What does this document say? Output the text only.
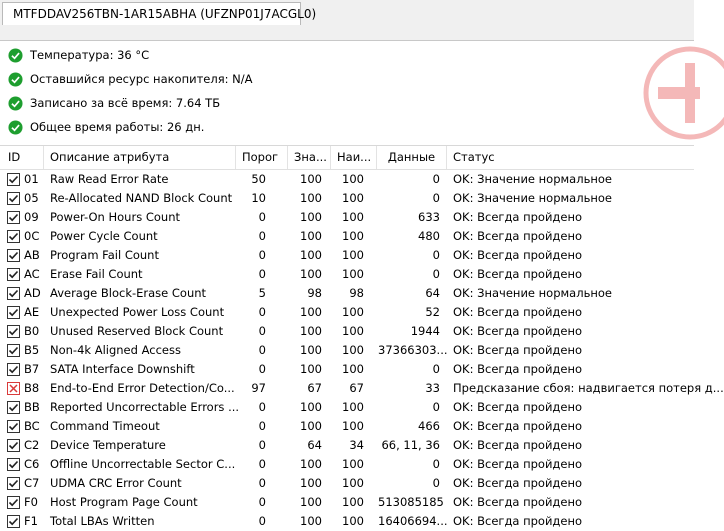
MTFDDAV256TBN-1AR15ABHA (UFZNP01J7ACGL0)
Температура: 36 °C
Оставшийся ресурс накопителя: N/A
Записано за всё время: 7.64 ТБ
Общее время работы: 26 дн.
ID	Описание атрибута	Порог	Зна... Наи...	Данные	Статус
01 Raw Read Error Rate	50	100	100	0 OK: Значение нормальное
05 Re-Allocated NAND Block Count	10	100	100	0 OK: Значение нормальное
09 Power-On Hours Count	0	100	100	633 OK: Всегда пройдено
0C Power Cycle Count	0	100	100	480 OK: Всегда пройдено
AB Program Fail Count	0	100	100	0 OK: Всегда пройдено
AC Erase Fail Count	0	100	100	0 OK: Всегда пройдено
AD Average Block-Erase Count	5	98	98	64 OK: Значение нормальное
AE Unexpected Power Loss Count	0	100	100	52 OK: Всегда пройдено
B0 Unused Reserved Block Count	0	100	100	1944 OK: Всегда пройдено
B5 Non-4k Aligned Access	0	100	100 37366303... OK: Всегда пройдено
B7 SATA Interface Downshift	0	100	100	0 OK: Всегда пройдено
B8 End-to-End Error Detection/Co...	97	67	67	33 Предсказание сбоя: надвигается потеря д...
BB Reported Uncorrectable Errors ...	0	100	100	0 OK: Всегда пройдено
BC Command Timeout	0	100	100	466 OK: Всегда пройдено
C2 Device Temperature	0	64	34	66, 11, 36 OK: Всегда пройдено
C6 Offline Uncorrectable Sector C...	0	100	100	0 OK: Всегда пройдено
C7 UDMA CRC Error Count	0	100	100	0 OK: Всегда пройдено
F0	Host Program Page Count	0	100	100 513085185 OK: Всегда пройдено
F1	Total LBAs Written	0	100	100 16406694... OK: Всегда пройдено
